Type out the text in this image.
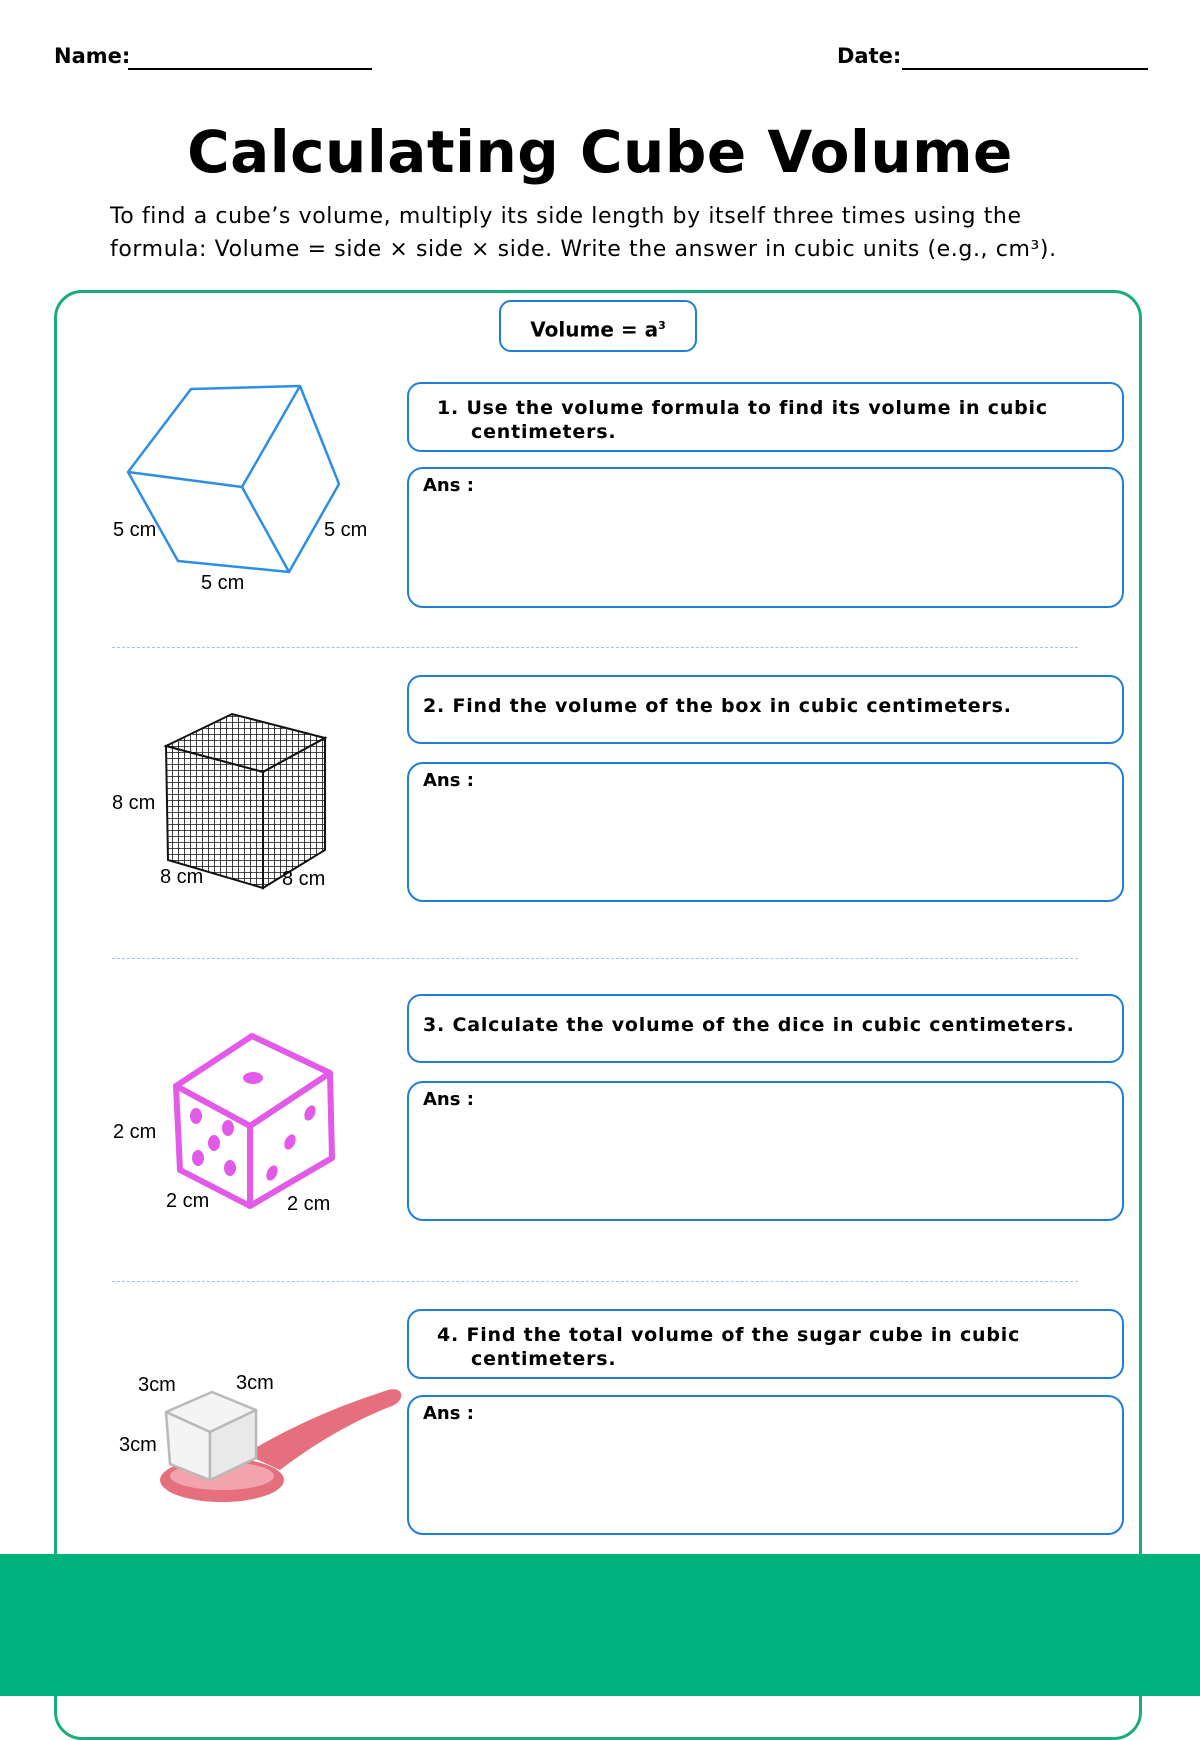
Name:	Date:
Calculating Cube Volume
To find a cube’s volume, multiply its side length by itself three times using the formula: Volume = side × side × side. Write the answer in cubic units (e.g., cm³).
Volume = $a^3$
5 cm	5 cm
5 cm
1. Use the volume formula to find its volume in cubic centimeters.
Ans :
8 cm
8 cm	8 cm
2. Find the volume of the box in cubic centimeters.
Ans :
2 cm
2 cm	2 cm
3. Calculate the volume of the dice in cubic centimeters.
Ans :
3cm	3cm
3cm
4. Find the total volume of the sugar cube in cubic centimeters.
Ans :
